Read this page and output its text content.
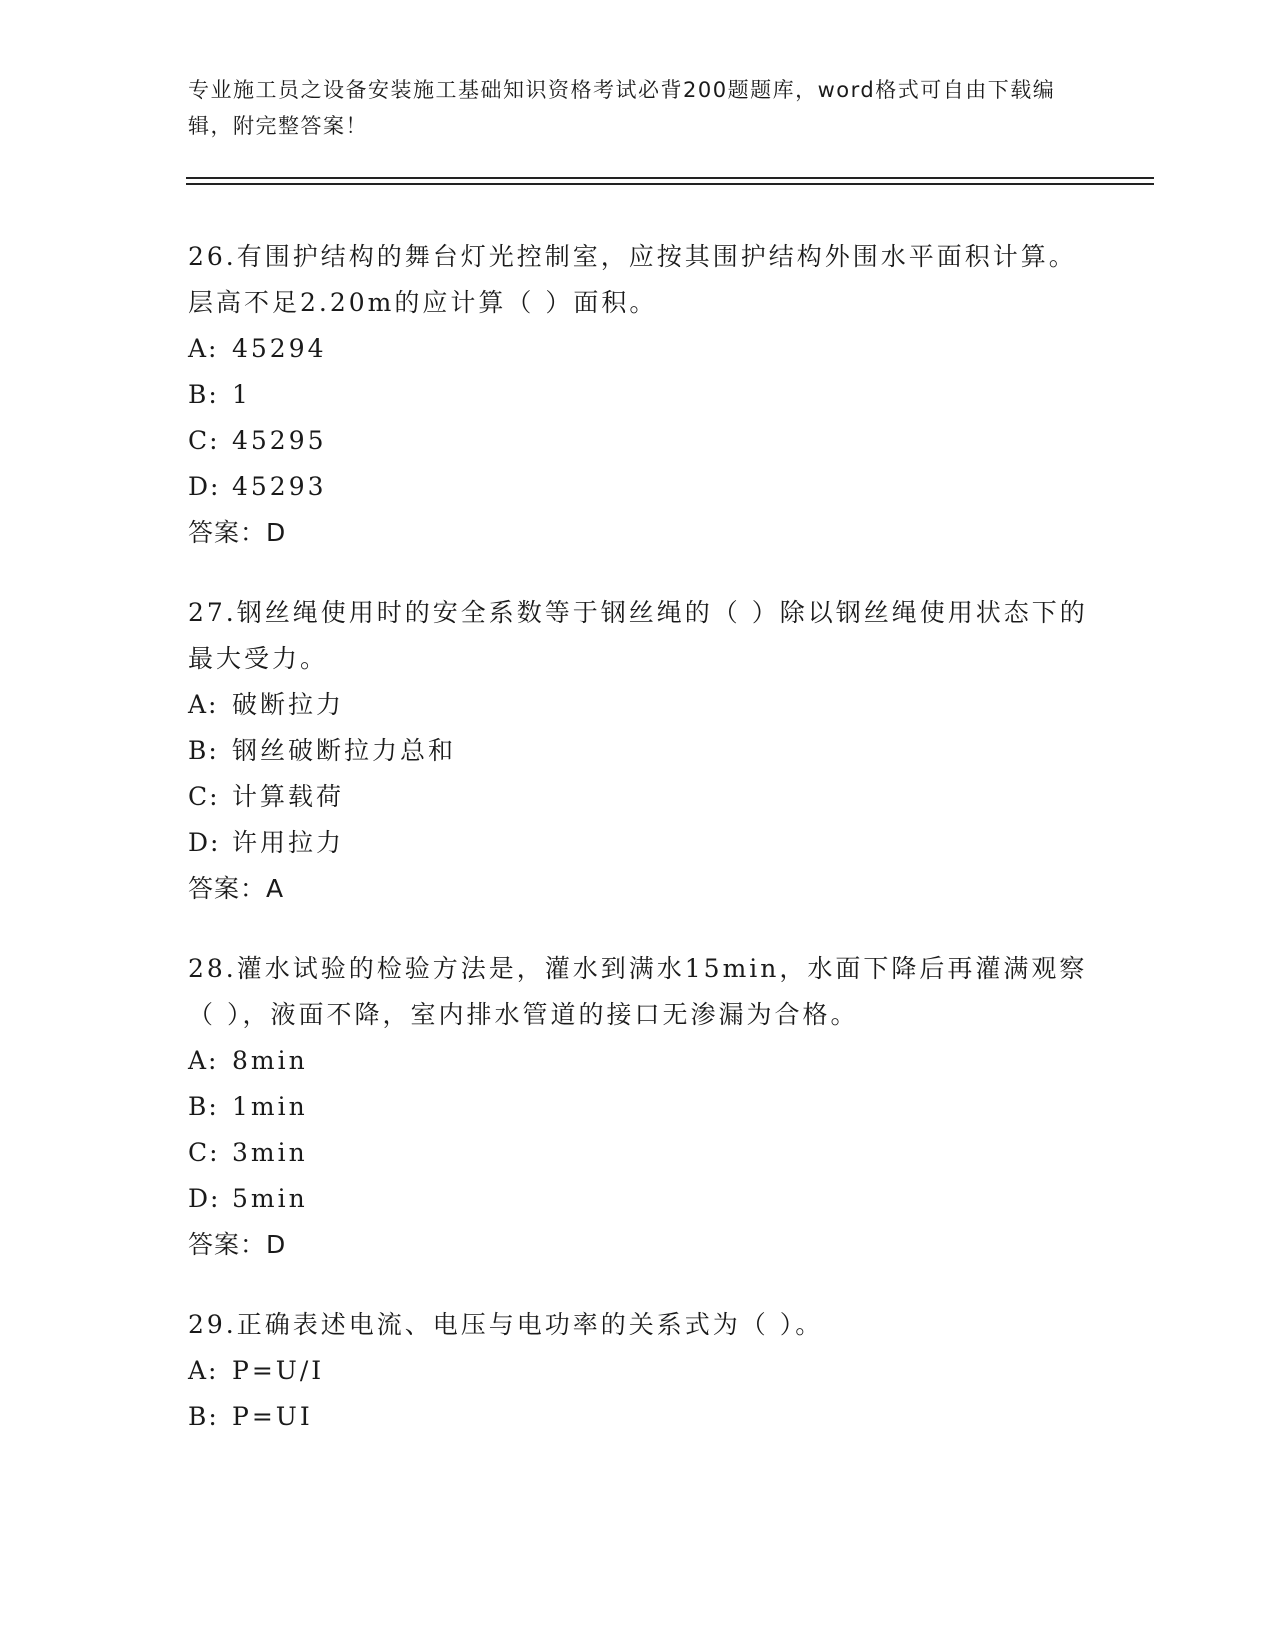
专业施工员之设备安装施工基础知识资格考试必背200题题库，word格式可自由下载编辑，附完整答案！

26.有围护结构的舞台灯光控制室，应按其围护结构外围水平面积计算。层高不足2.20m的应计算（ ）面积。

A: 45294
B: 1
C: 45295
D: 45293

答案：D

27.钢丝绳使用时的安全系数等于钢丝绳的（ ）除以钢丝绳使用状态下的最大受力。

A: 破断拉力
B: 钢丝破断拉力总和
C: 计算载荷
D: 许用拉力

答案：A

28.灌水试验的检验方法是，灌水到满水15min，水面下降后再灌满观察（ ），液面不降，室内排水管道的接口无渗漏为合格。

A: 8min
B: 1min
C: 3min
D: 5min

答案：D

29.正确表述电流、电压与电功率的关系式为（ ）。

A: P=U/I
B: P=UI
